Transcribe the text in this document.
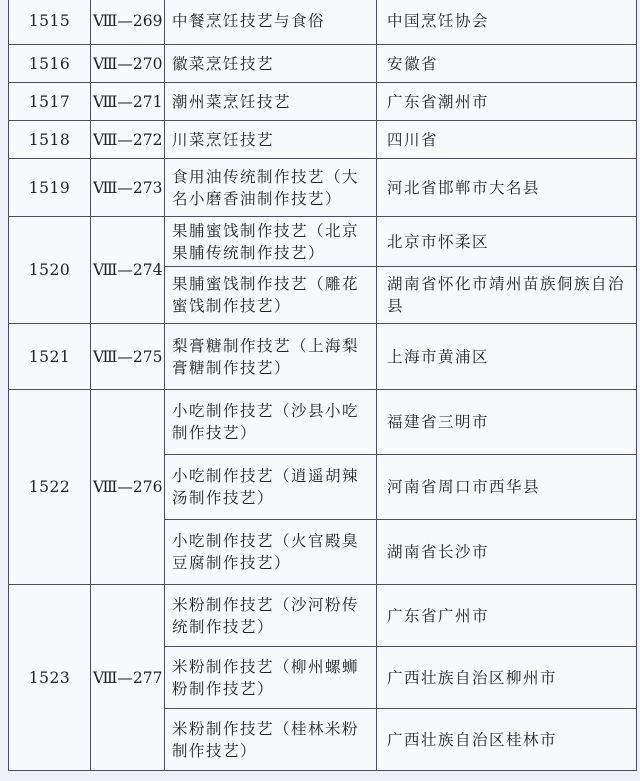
1515	Ⅷ—269	中餐烹饪技艺与食俗	中国烹饪协会
1516	Ⅷ—270	徽菜烹饪技艺	安徽省
1517	Ⅷ—271	潮州菜烹饪技艺	广东省潮州市
1518	Ⅷ—272	川菜烹饪技艺	四川省
1519	Ⅷ—273	食用油传统制作技艺（大名小磨香油制作技艺）	河北省邯郸市大名县
1520	Ⅷ—274	果脯蜜饯制作技艺（北京果脯传统制作技艺）	北京市怀柔区
		果脯蜜饯制作技艺（雕花蜜饯制作技艺）	湖南省怀化市靖州苗族侗族自治县
1521	Ⅷ—275	梨膏糖制作技艺（上海梨膏糖制作技艺）	上海市黄浦区
1522	Ⅷ—276	小吃制作技艺（沙县小吃制作技艺）	福建省三明市
		小吃制作技艺（逍遥胡辣汤制作技艺）	河南省周口市西华县
		小吃制作技艺（火官殿臭豆腐制作技艺）	湖南省长沙市
1523	Ⅷ—277	米粉制作技艺（沙河粉传统制作技艺）	广东省广州市
		米粉制作技艺（柳州螺蛳粉制作技艺）	广西壮族自治区柳州市
		米粉制作技艺（桂林米粉制作技艺）	广西壮族自治区桂林市
